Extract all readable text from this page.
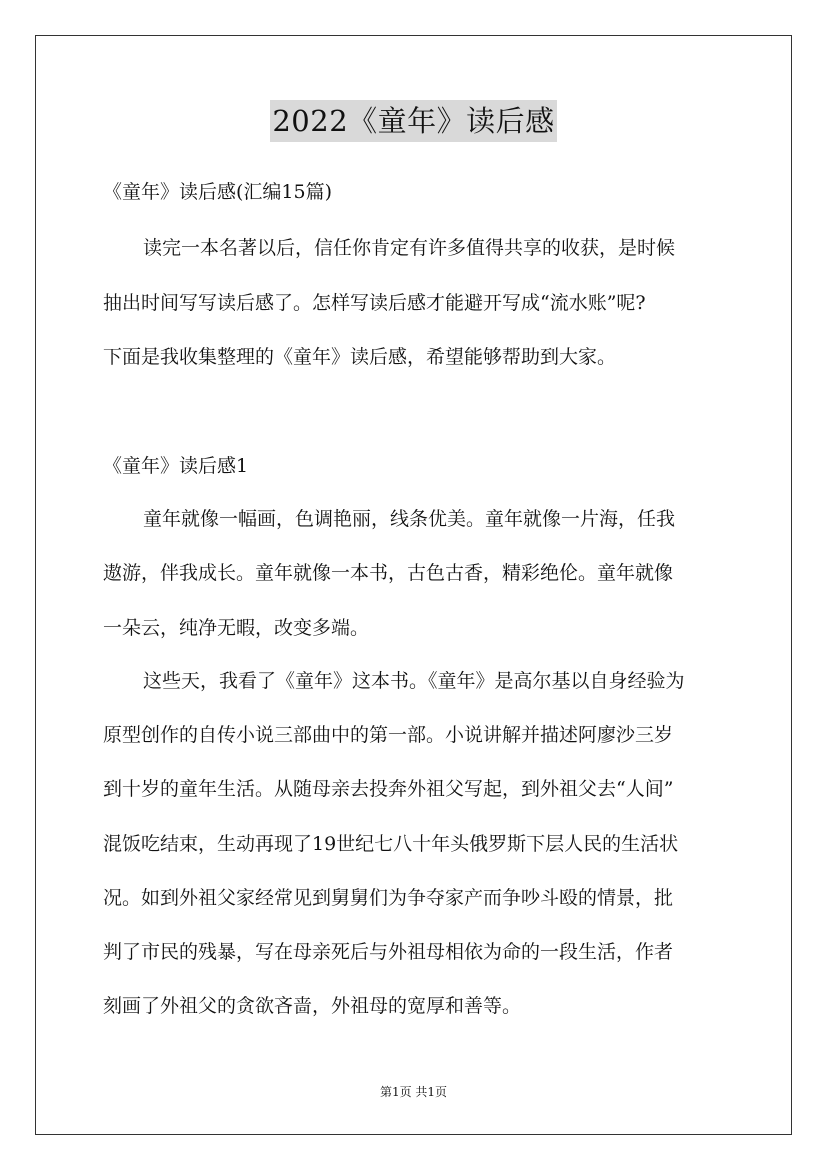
2022《童年》读后感
《童年》读后感(汇编15篇)
读完一本名著以后，信任你肯定有许多值得共享的收获，是时候
抽出时间写写读后感了。怎样写读后感才能避开写成“流水账”呢?
下面是我收集整理的《童年》读后感，希望能够帮助到大家。
《童年》读后感1
童年就像一幅画，色调艳丽，线条优美。童年就像一片海，任我
遨游，伴我成长。童年就像一本书，古色古香，精彩绝伦。童年就像
一朵云，纯净无暇，改变多端。
这些天，我看了《童年》这本书。《童年》是高尔基以自身经验为
原型创作的自传小说三部曲中的第一部。小说讲解并描述阿廖沙三岁
到十岁的童年生活。从随母亲去投奔外祖父写起，到外祖父去“人间”
混饭吃结束，生动再现了19世纪七八十年头俄罗斯下层人民的生活状
况。如到外祖父家经常见到舅舅们为争夺家产而争吵斗殴的情景，批
判了市民的残暴，写在母亲死后与外祖母相依为命的一段生活，作者
刻画了外祖父的贪欲吝啬，外祖母的宽厚和善等。
第1页 共1页
